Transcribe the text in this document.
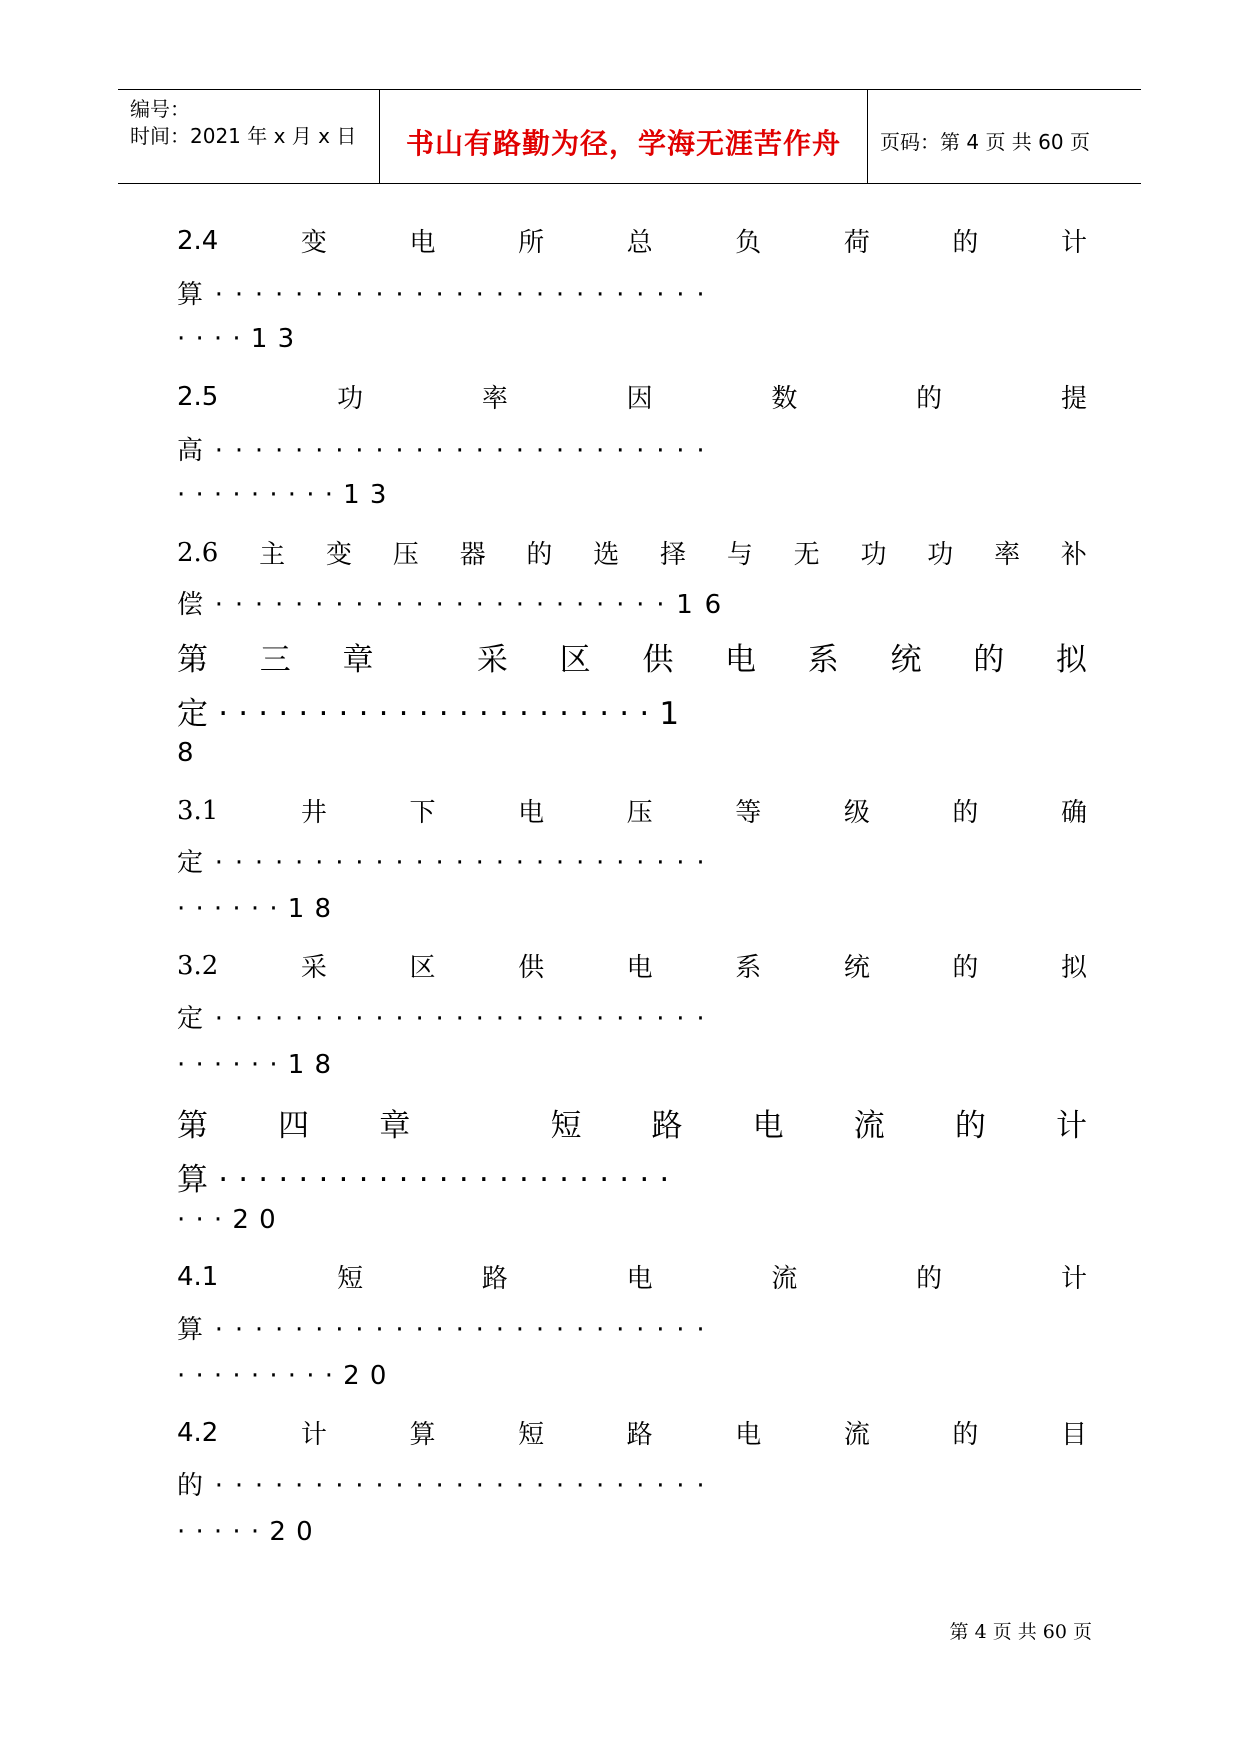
编号：
时间：2021 年 x 月 x 日 书山有路勤为径，学海无涯苦作舟 页码：第 4 页 共 60 页
2.4	变	电	所	总	负	荷	的	计
算·························
····13
2.5	功	率	因	数	的	提
高·························
·········13
2.6 主 变 压 器 的 选 择 与 无 功 功 率 补
偿·······················16
第 三 章	采 区 供 电 系 统 的 拟
定······················1
8
3.1	井	下	电	压	等	级	的	确
定·························
······18
3.2	采	区	供	电	系	统	的	拟
定·························
······18
第 四 章	短 路 电 流 的 计
算·······················
···20
4.1	短	路	电	流	的	计
算·························
·········20
4.2	计	算	短	路	电	流	的	目
的·························
·····20
第 4 页 共 60 页
